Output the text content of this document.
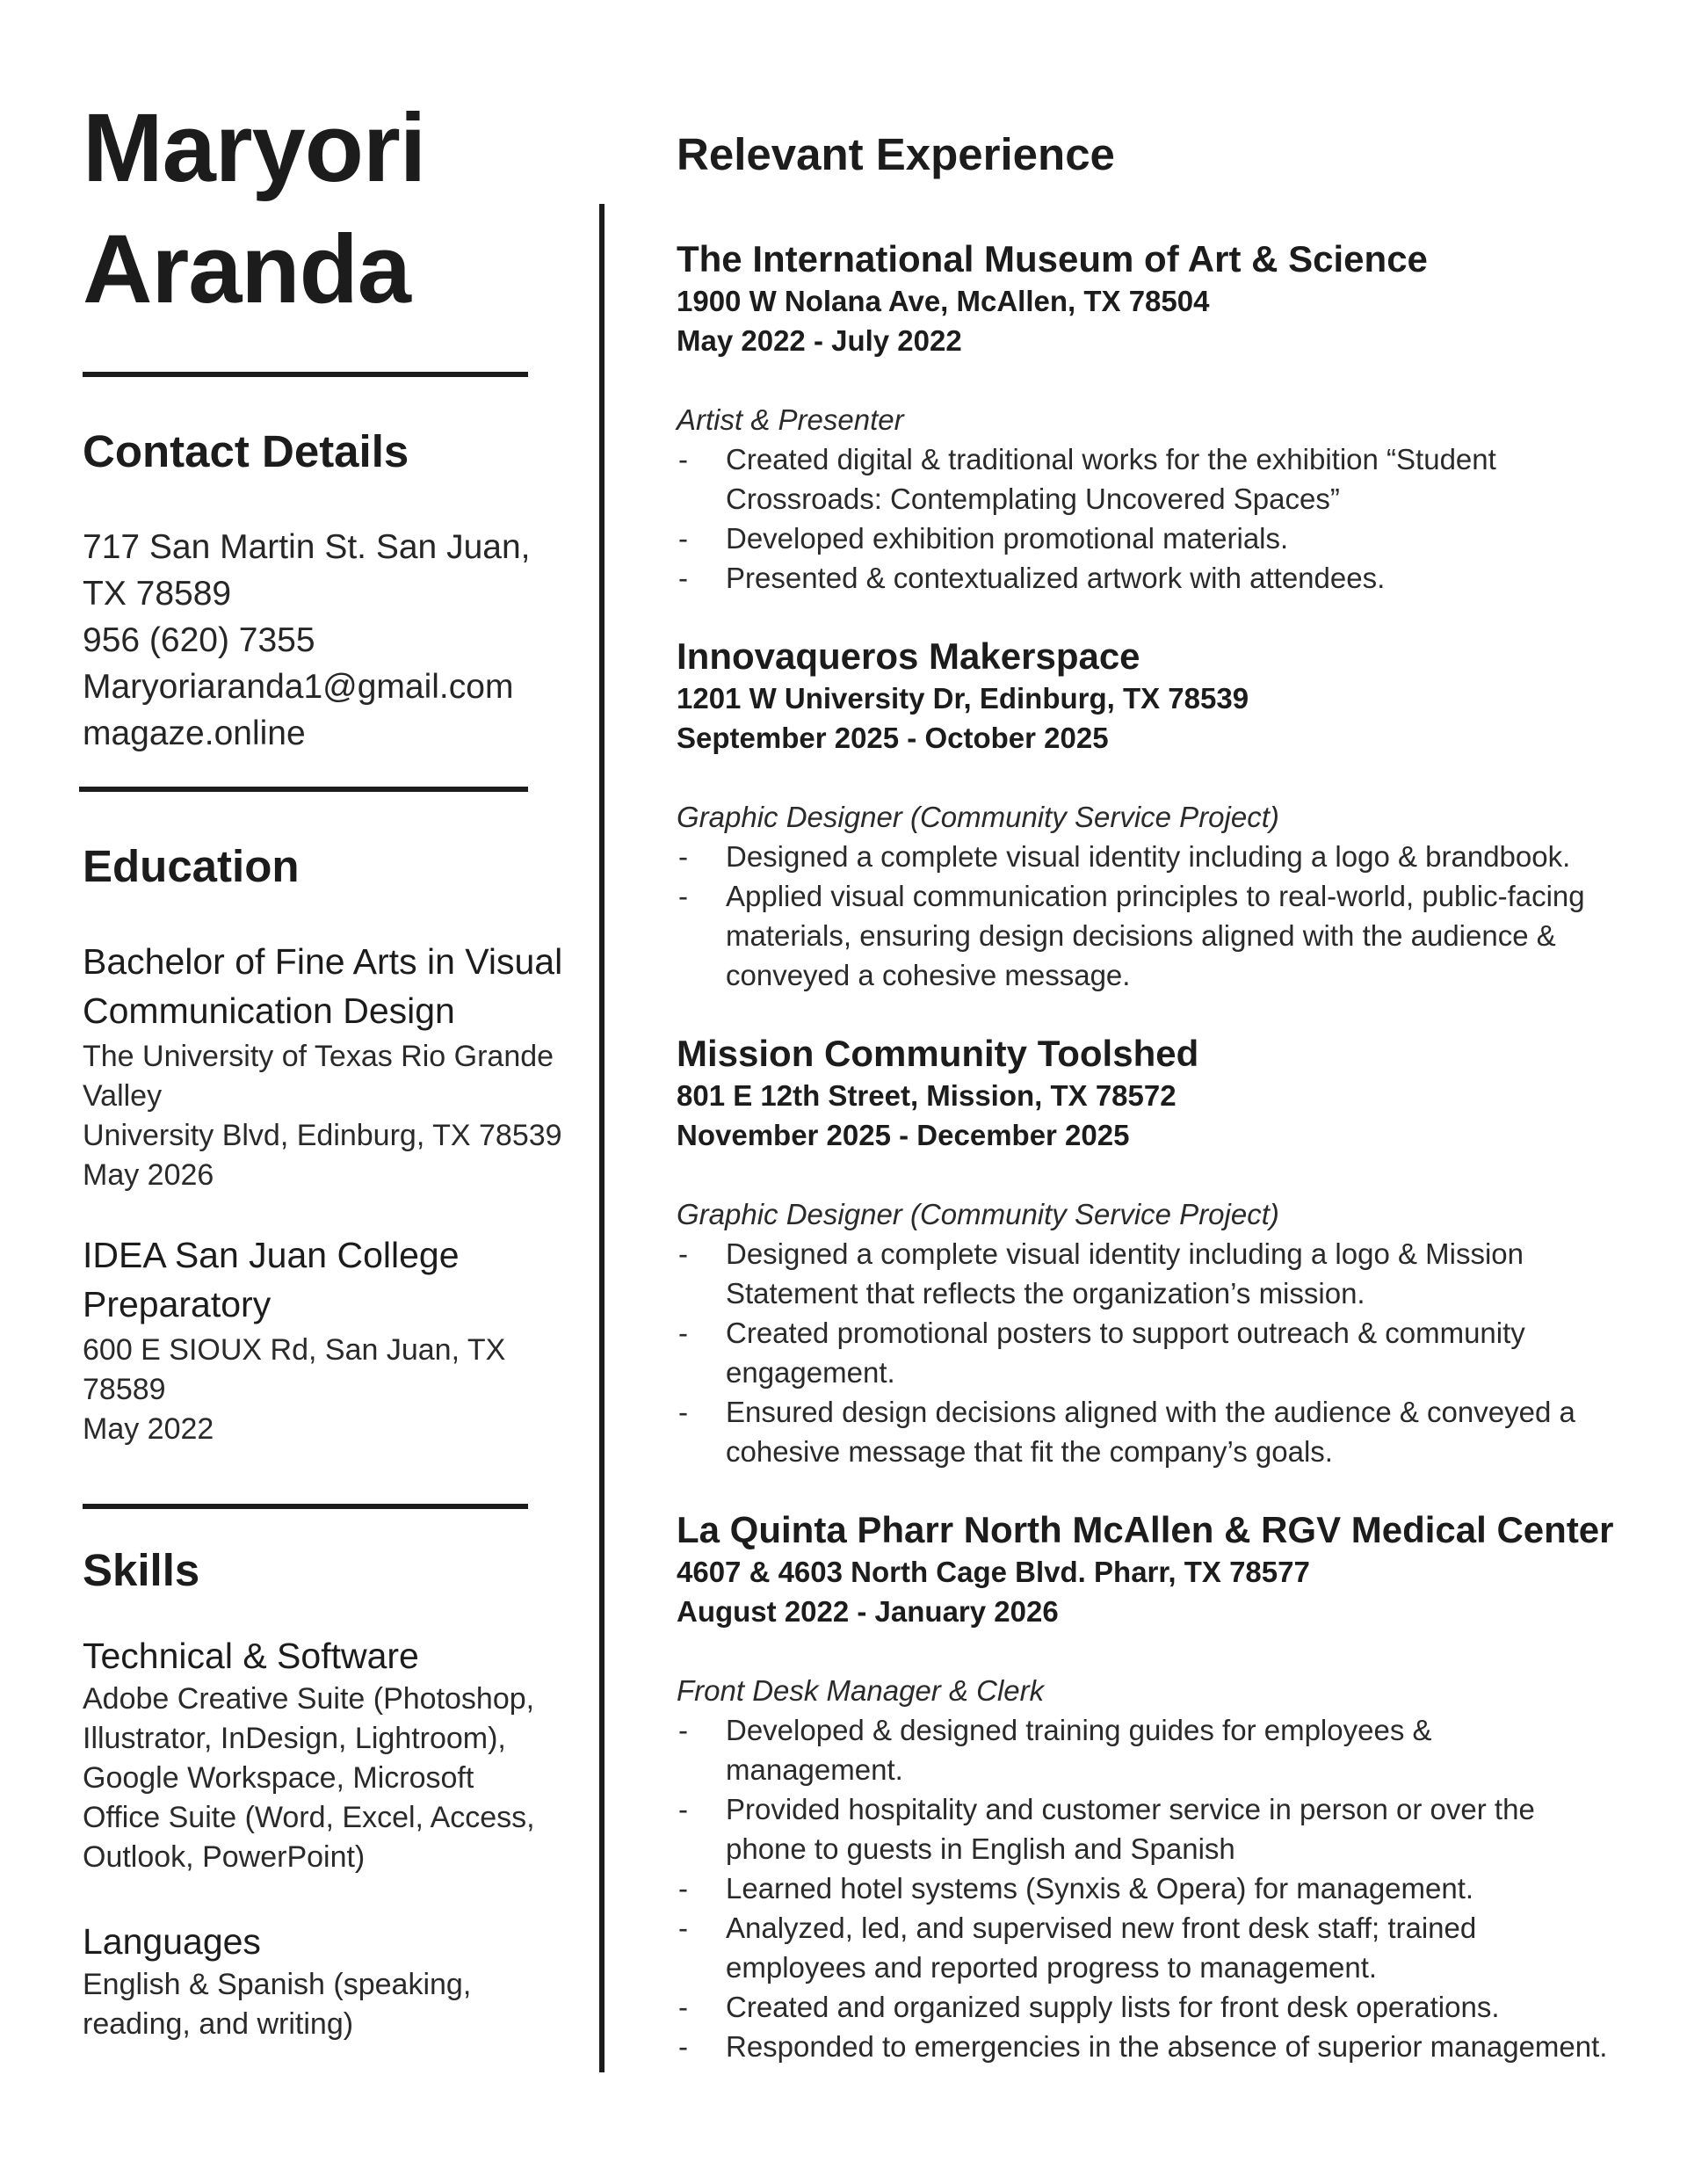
Maryori
Aranda
Contact Details
717 San Martin St. San Juan,
TX 78589
956 (620) 7355
Maryoriaranda1@gmail.com
magaze.online
Education
Bachelor of Fine Arts in Visual
Communication Design
The University of Texas Rio Grande
Valley
University Blvd, Edinburg, TX 78539
May 2026
IDEA San Juan College
Preparatory
600 E SIOUX Rd, San Juan, TX
78589
May 2022
Skills
Technical & Software
Adobe Creative Suite (Photoshop,
Illustrator, InDesign, Lightroom),
Google Workspace, Microsoft
Office Suite (Word, Excel, Access,
Outlook, PowerPoint)
Languages
English & Spanish (speaking,
reading, and writing)
Relevant Experience
The International Museum of Art & Science
1900 W Nolana Ave, McAllen, TX 78504
May 2022 - July 2022
Artist & Presenter
- Created digital & traditional works for the exhibition “Student
Crossroads: Contemplating Uncovered Spaces”
- Developed exhibition promotional materials.
- Presented & contextualized artwork with attendees.
Innovaqueros Makerspace
1201 W University Dr, Edinburg, TX 78539
September 2025 - October 2025
Graphic Designer (Community Service Project)
- Designed a complete visual identity including a logo & brandbook.
- Applied visual communication principles to real-world, public-facing
materials, ensuring design decisions aligned with the audience &
conveyed a cohesive message.
Mission Community Toolshed
801 E 12th Street, Mission, TX 78572
November 2025 - December 2025
Graphic Designer (Community Service Project)
- Designed a complete visual identity including a logo & Mission
Statement that reflects the organization’s mission.
- Created promotional posters to support outreach & community
engagement.
- Ensured design decisions aligned with the audience & conveyed a
cohesive message that fit the company’s goals.
La Quinta Pharr North McAllen & RGV Medical Center
4607 & 4603 North Cage Blvd. Pharr, TX 78577
August 2022 - January 2026
Front Desk Manager & Clerk
- Developed & designed training guides for employees &
management.
- Provided hospitality and customer service in person or over the
phone to guests in English and Spanish
- Learned hotel systems (Synxis & Opera) for management.
- Analyzed, led, and supervised new front desk staff; trained
employees and reported progress to management.
- Created and organized supply lists for front desk operations.
- Responded to emergencies in the absence of superior management.
